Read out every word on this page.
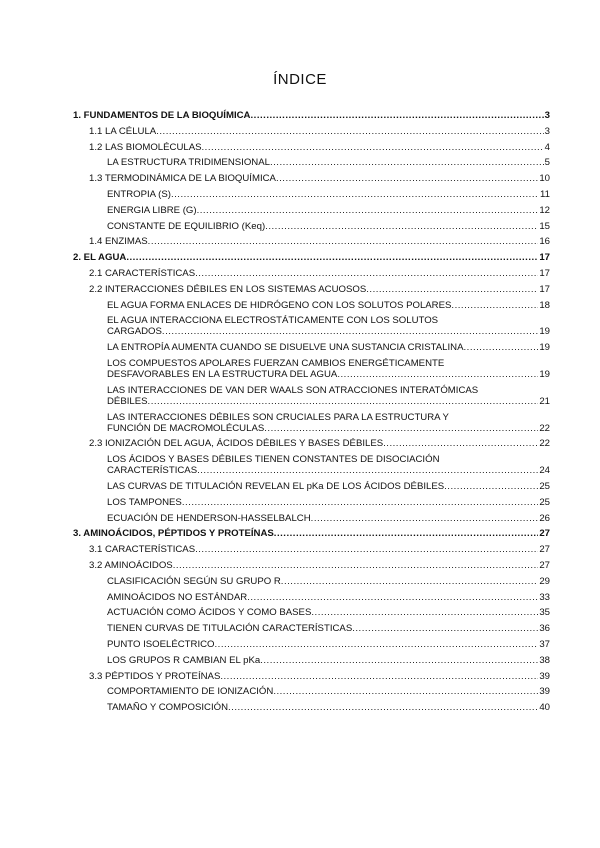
ÍNDICE
1. FUNDAMENTOS DE LA BIOQUÍMICA .....	3
1.1 LA CÉLULA .....	3
1.2 LAS BIOMOLÉCULAS .....	4
LA ESTRUCTURA TRIDIMENSIONAL .....	5
1.3 TERMODINÁMICA DE LA BIOQUÍMICA .....	10
ENTROPIA (S) .....	11
ENERGIA LIBRE (G) .....	12
CONSTANTE DE EQUILIBRIO (Keq) .....	15
1.4 ENZIMAS .....	16
2. EL AGUA .....	17
2.1 CARACTERÍSTICAS .....	17
2.2 INTERACCIONES DÉBILES EN LOS SISTEMAS ACUOSOS .....	17
EL AGUA FORMA ENLACES DE HIDRÓGENO CON LOS SOLUTOS POLARES .....	18
EL AGUA INTERACCIONA ELECTROSTÁTICAMENTE CON LOS SOLUTOS
CARGADOS .....	19
LA ENTROPÍA AUMENTA CUANDO SE DISUELVE UNA SUSTANCIA CRISTALINA .....	19
LOS COMPUESTOS APOLARES FUERZAN CAMBIOS ENERGÉTICAMENTE
DESFAVORABLES EN LA ESTRUCTURA DEL AGUA .....	19
LAS INTERACCIONES DE VAN DER WAALS SON ATRACCIONES INTERATÓMICAS
DÉBILES .....	21
LAS INTERACCIONES DÉBILES SON CRUCIALES PARA LA ESTRUCTURA Y
FUNCIÓN DE MACROMOLÉCULAS .....	22
2.3 IONIZACIÓN DEL AGUA, ÁCIDOS DÉBILES Y BASES DÉBILES .....	22
LOS ÁCIDOS Y BASES DÉBILES TIENEN CONSTANTES DE DISOCIACIÓN
CARACTERÍSTICAS .....	24
LAS CURVAS DE TITULACIÓN REVELAN EL pKa DE LOS ÁCIDOS DÉBILES .....	25
LOS TAMPONES .....	25
ECUACIÓN DE HENDERSON-HASSELBALCH .....	26
3. AMINOÁCIDOS, PÉPTIDOS Y PROTEÍNAS .....	27
3.1 CARACTERÍSTICAS .....	27
3.2 AMINOÁCIDOS .....	27
CLASIFICACIÓN SEGÚN SU GRUPO R .....	29
AMINOÁCIDOS NO ESTÁNDAR .....	33
ACTUACIÓN COMO ÁCIDOS Y COMO BASES .....	35
TIENEN CURVAS DE TITULACIÓN CARACTERÍSTICAS .....	36
PUNTO ISOELÉCTRICO .....	37
LOS GRUPOS R CAMBIAN EL pKa .....	38
3.3 PÉPTIDOS Y PROTEÍNAS .....	39
COMPORTAMIENTO DE IONIZACIÓN .....	39
TAMAÑO Y COMPOSICIÓN .....	40
